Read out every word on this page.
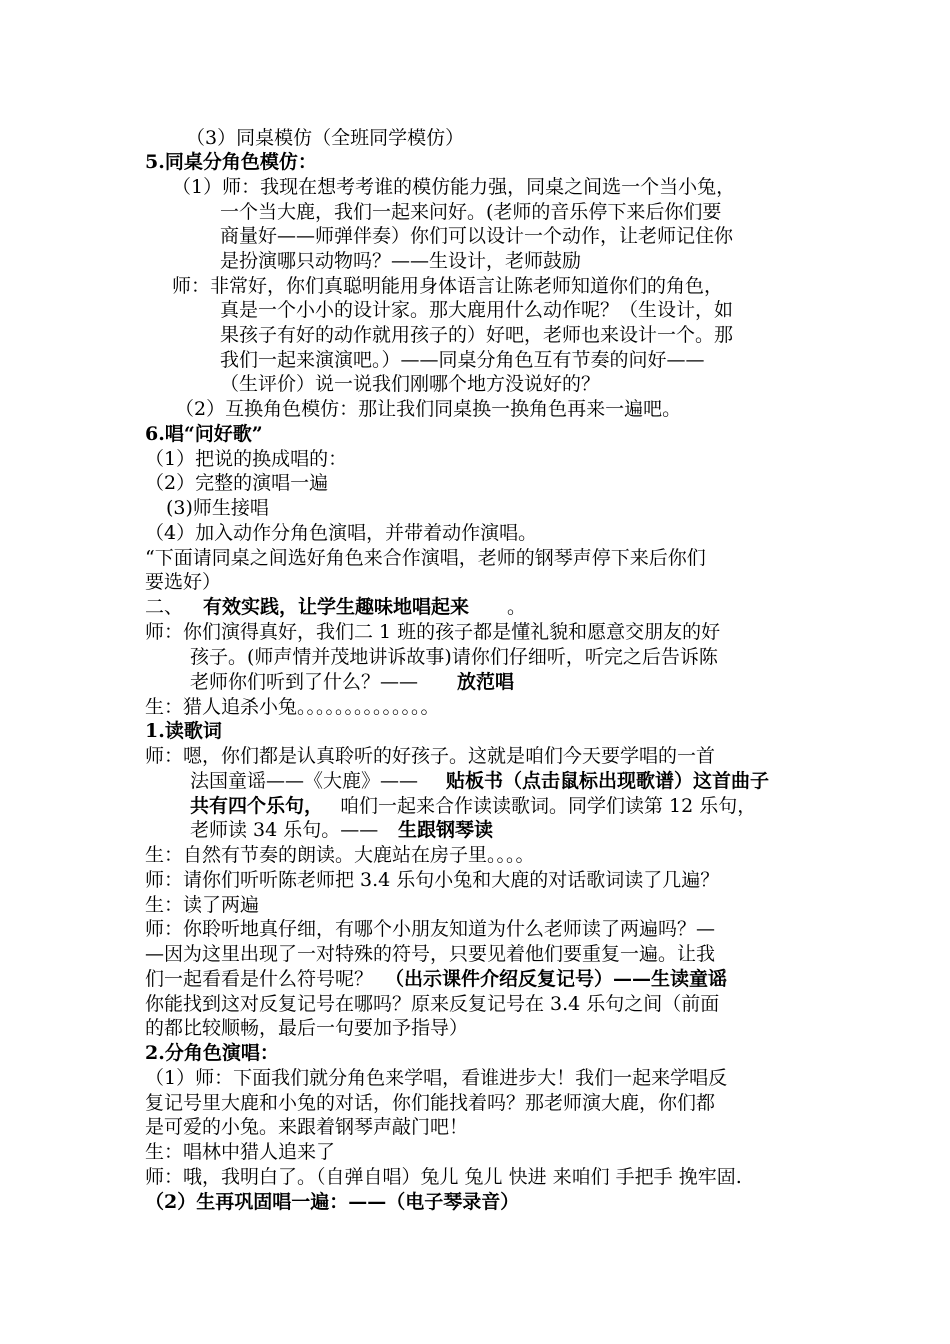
（3）同桌模仿（全班同学模仿）
5.同桌分角色模仿：
（1）师：我现在想考考谁的模仿能力强，同桌之间选一个当小兔，
一个当大鹿，我们一起来问好。(老师的音乐停下来后你们要
商量好——师弹伴奏）你们可以设计一个动作，让老师记住你
是扮演哪只动物吗？——生设计，老师鼓励
师：非常好，你们真聪明能用身体语言让陈老师知道你们的角色，
真是一个小小的设计家。那大鹿用什么动作呢？（生设计，如
果孩子有好的动作就用孩子的）好吧，老师也来设计一个。那
我们一起来演演吧。）——同桌分角色互有节奏的问好——
（生评价）说一说我们刚哪个地方没说好的？
（2）互换角色模仿：那让我们同桌换一换角色再来一遍吧。
6.唱“问好歌”
（1）把说的换成唱的：
（2）完整的演唱一遍
(3)师生接唱
（4）加入动作分角色演唱，并带着动作演唱。
“下面请同桌之间选好角色来合作演唱，老师的钢琴声停下来后你们
要选好）
二、 有效实践，让学生趣味地唱起来 。
师：你们演得真好，我们二 1 班的孩子都是懂礼貌和愿意交朋友的好
孩子。(师声情并茂地讲诉故事)请你们仔细听，听完之后告诉陈
老师你们听到了什么？—— 放范唱
生：猎人追杀小兔。。。。。。。。。。。。。。
1.读歌词
师：嗯，你们都是认真聆听的好孩子。这就是咱们今天要学唱的一首
法国童谣——《大鹿》—— 贴板书（点击鼠标出现歌谱）这首曲子
共有四个乐句， 咱们一起来合作读读歌词。同学们读第 12 乐句，
老师读 34 乐句。—— 生跟钢琴读
生：自然有节奏的朗读。大鹿站在房子里。。。。
师：请你们听听陈老师把 3.4 乐句小兔和大鹿的对话歌词读了几遍？
生：读了两遍
师：你聆听地真仔细，有哪个小朋友知道为什么老师读了两遍吗？—
—因为这里出现了一对特殊的符号，只要见着他们要重复一遍。让我
们一起看看是什么符号呢？ （出示课件介绍反复记号）——生读童谣
你能找到这对反复记号在哪吗？原来反复记号在 3.4 乐句之间（前面
的都比较顺畅，最后一句要加予指导）
2.分角色演唱：
（1）师：下面我们就分角色来学唱，看谁进步大！我们一起来学唱反
复记号里大鹿和小兔的对话，你们能找着吗？那老师演大鹿，你们都
是可爱的小兔。来跟着钢琴声敲门吧！
生：唱林中猎人追来了
师：哦，我明白了。（自弹自唱）兔儿 兔儿 快进 来咱们 手把手 挽牢固.
（2）生再巩固唱一遍：——（电子琴录音）
